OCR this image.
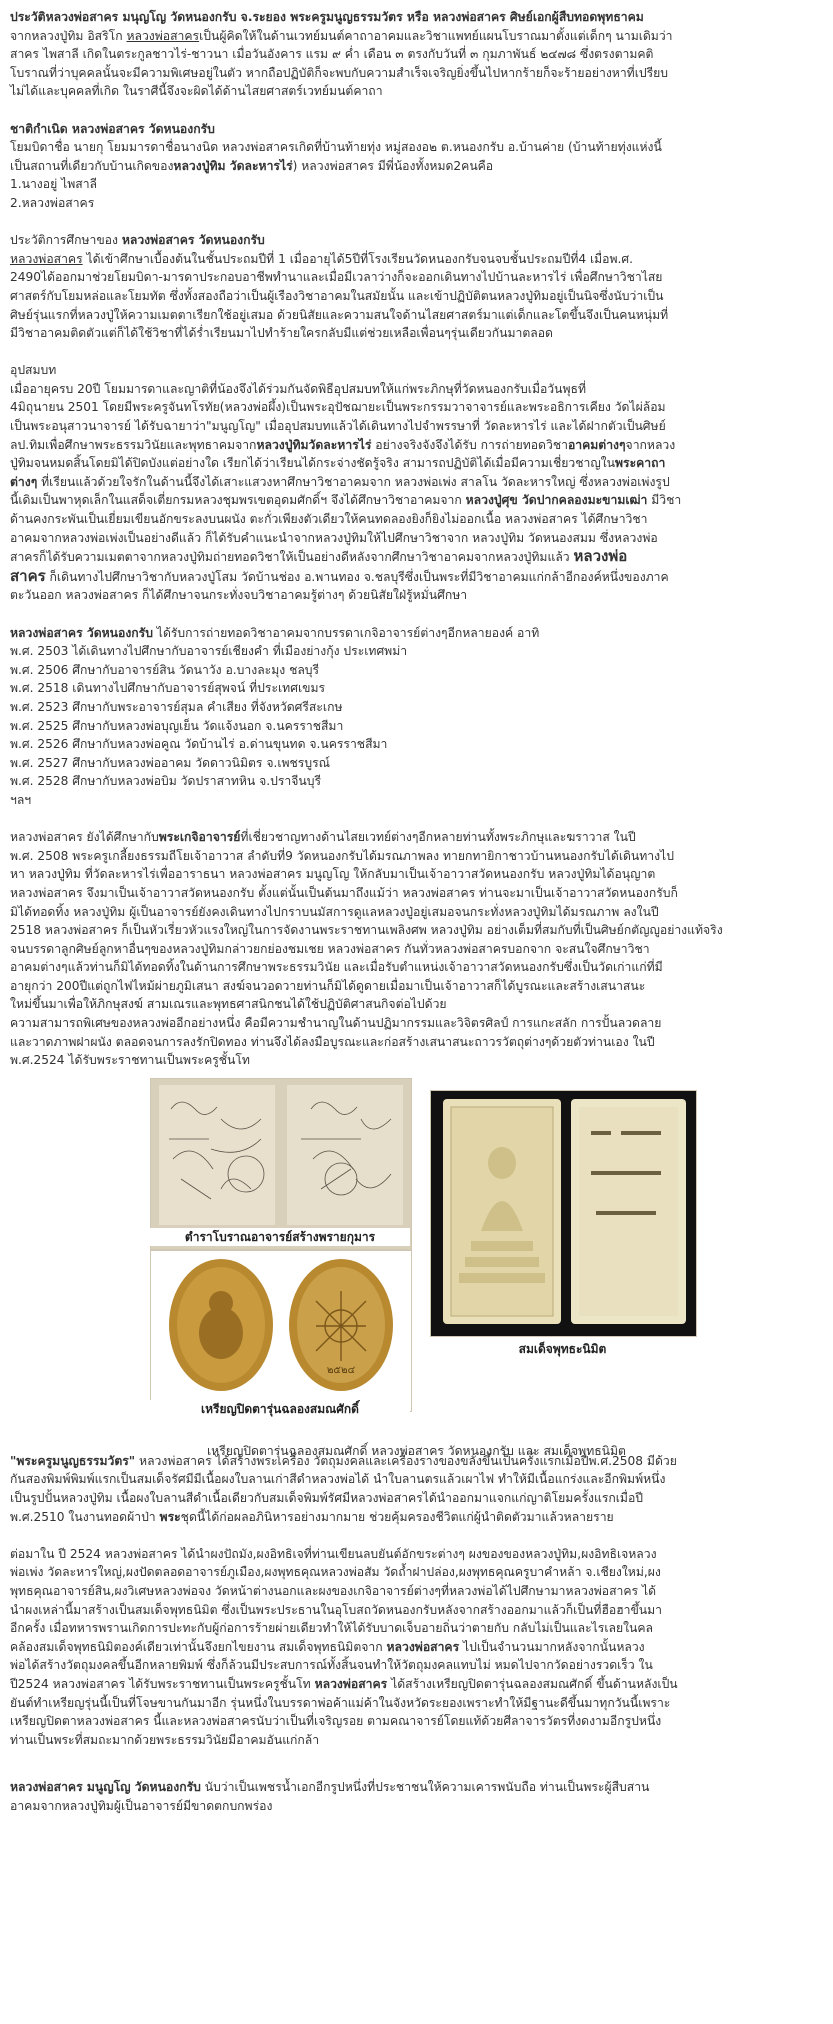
ประวัติหลวงพ่อสาคร มนุญโญ วัดหนองกรับ จ.ระยอง พระครูมนูญธรรมวัตร หรือ หลวงพ่อสาคร ศิษย์เอกผู้สืบทอดพุทธาคม
จากหลวงปู่ทิม อิสริโก หลวงพ่อสาครเป็นผู้คิดให้ในด้านเวทย์มนต์คาถาอาคมและวิชาแพทย์แผนโบราณมาตั้งแต่เด็กๆ นามเดิมว่า
สาคร ไพสาลี เกิดในตระกูลชาวไร่-ชาวนา เมื่อวันอังคาร แรม ๙ ค่ำ เดือน ๓ ตรงกับวันที่ ๓ กุมภาพันธ์ ๒๔๗๘ ซึ่งตรงตามคติ
โบราณที่ว่าบุคคลนั้นจะมีความพิเศษอยู่ในตัว หากถือปฏิบัติก็จะพบกับความสำเร็จเจริญยิ่งขึ้นไปหากร้ายก็จะร้ายอย่างหาที่เปรียบ
ไม่ได้และบุคคลที่เกิด ในราศีนี้จึงจะผิดได้ด้านไสยศาสตร์เวทย์มนต์คาถา

ชาติกำเนิด หลวงพ่อสาคร วัดหนองกรับ
โยมบิดาชื่อ นายกุ โยมมารดาชื่อนางนิด หลวงพ่อสาครเกิดที่บ้านท้ายทุ่ง หมู่สองอ๒ ต.หนองกรับ อ.บ้านค่าย (บ้านท้ายทุ่งแห่งนี้
เป็นสถานที่เดียวกับบ้านเกิดของหลวงปู่ทิม วัดละหารไร่) หลวงพ่อสาคร มีพี่น้องทั้งหมด2คนคือ
1.นางอยู่ ไพสาลี
2.หลวงพ่อสาคร

ประวัติการศึกษาของ หลวงพ่อสาคร วัดหนองกรับ
หลวงพ่อสาคร ได้เข้าศึกษาเบื้องต้นในชั้นประถมปีที่ 1 เมื่ออายุได้5ปีที่โรงเรียนวัดหนองกรับจนจบชั้นประถมปีที่4 เมื่อพ.ศ.
2490ได้ออกมาช่วยโยมบิดา-มารดาประกอบอาชีพทำนาและเมื่อมีเวลาว่างก็จะออกเดินทางไปบ้านละหารไร่ เพื่อศึกษาวิชาไสย
ศาสตร์กับโยมหล่อและโยมทัต ซึ่งทั้งสองถือว่าเป็นผู้เรืองวิชาอาคมในสมัยนั้น และเข้าปฏิบัติตนหลวงปู่ทิมอยู่เป็นนิจซึ่งนับว่าเป็น
ศิษย์รุ่นแรกที่หลวงปู่ให้ความเมตตาเรียกใช้อยู่เสมอ ด้วยนิสัยและความสนใจด้านไสยศาสตร์มาแต่เด็กและโตขึ้นจึงเป็นคนหนุ่มที่
มีวิชาอาคมติดตัวแต่ก็ได้ใช้วิชาที่ได้ร่ำเรียนมาไปทำร้ายใครกลับมีแต่ช่วยเหลือเพื่อนๆรุ่นเดียวกันมาตลอด

อุปสมบท
เมื่ออายุครบ 20ปี โยมมารดาและญาติที่น้องจึงได้ร่วมกันจัดพิธีอุปสมบทให้แก่พระภิกษุที่วัดหนองกรับเมื่อวันพุธที่
4มิถุนายน 2501 โดยมีพระครูจันทโรทัย(หลวงพ่อผึ้ง)เป็นพระอุปัชฌายะเป็นพระกรรมวาจาจารย์และพระอธิการเคียง วัดไผ่ล้อม
เป็นพระอนุสาวนาจารย์ ได้รับฉายาว่า"มนูญโญ" เมื่ออุปสมบทแล้วได้เดินทางไปจำพรรษาที่ วัดละหารไร่ และได้ฝากตัวเป็นศิษย์
ลป.ทิมเพื่อศึกษาพระธรรมวินัยและพุทธาคมจากหลวงปู่ทิมวัดละหารไร่ อย่างจริงจังจึงได้รับ การถ่ายทอดวิชาอาคมต่างๆจากหลวง
ปู่ทิมจนหมดสิ้นโดยมิได้ปิดบังแต่อย่างใด เรียกได้ว่าเรียนได้กระจ่างชัดรู้จริง สามารถปฏิบัติได้เมื่อมีความเชี่ยวชาญในพระคาถา
ต่างๆ ที่เรียนแล้วด้วยใจรักในด้านนี้จึงได้เสาะแสวงหาศึกษาวิชาอาคมจาก หลวงพ่อเพ่ง สาลโน วัดละหารใหญ่ ซึ่งหลวงพ่อเพ่งรูป
นี้เดิมเป็นพาหุดเล็กในแสด็จเตี่ยกรมหลวงชุมพรเขตอุดมศักดิ์ฯ จึงได้ศึกษาวิชาอาคมจาก หลวงปู่ศุข วัดปากคลองมะขามเฒ่า มีวิชา
ด้านคงกระพันเป็นเยี่ยมเขียนอักขระลงบนผนัง ตะกั่วเพียงตัวเดียวให้คนทดลองยิงก็ยิงไม่ออกเนื้อ หลวงพ่อสาคร ได้ศึกษาวิชา
อาคมจากหลวงพ่อเพ่งเป็นอย่างดีแล้ว ก็ได้รับคำแนะนำจากหลวงปู่ทิมให้ไปศึกษาวิชาจาก หลวงปู่ทิม วัดหนองสมม ซึ่งหลวงพ่อ
สาครก็ได้รับความเมตตาจากหลวงปู่ทิมถ่ายทอดวิชาให้เป็นอย่างดีหลังจากศึกษาวิชาอาคมจากหลวงปู่ทิมแล้ว หลวงพ่อ
สาคร ก็เดินทางไปศึกษาวิชากับหลวงปู่โสม วัดบ้านช่อง อ.พานทอง จ.ชลบุรีซึ่งเป็นพระที่มีวิชาอาคมแก่กล้าอีกองค์หนึ่งของภาค
ตะวันออก หลวงพ่อสาคร ก็ได้ศึกษาจนกระทั่งจบวิชาอาคมรู้ต่างๆ ด้วยนิสัยใฝ่รู้หมั่นศึกษา

หลวงพ่อสาคร วัดหนองกรับ ได้รับการถ่ายทอดวิชาอาคมจากบรรดาเกจิอาจารย์ต่างๆอีกหลายองค์ อาทิ

พ.ศ. 2503 ได้เดินทางไปศึกษากับอาจารย์เชียงคำ ที่เมืองย่างกุ้ง ประเทศพม่า
พ.ศ. 2506 ศึกษากับอาจารย์สิน วัดนาวัง อ.บางละมุง ชลบุรี
พ.ศ. 2518 เดินทางไปศึกษากับอาจารย์สุพจน์ ที่ประเทศเขมร
พ.ศ. 2523 ศึกษากับพระอาจารย์สุมล คำเสียง ที่จังหวัดศรีสะเกษ
พ.ศ. 2525 ศึกษากับหลวงพ่อบุญเย็น วัดแจ้งนอก จ.นครราชสีมา
พ.ศ. 2526 ศึกษากับหลวงพ่อคูณ วัดบ้านไร่ อ.ด่านขุนทด จ.นครราชสีมา
พ.ศ. 2527 ศึกษากับหลวงพ่ออาคม วัดดาวนิมิตร จ.เพชรบูรณ์
พ.ศ. 2528 ศึกษากับหลวงพ่อบิม วัดปราสาทหิน จ.ปราจีนบุรี
ฯลฯ

หลวงพ่อสาคร ยังได้ศึกษากับพระเกจิอาจารย์ที่เชี่ยวชาญทางด้านไสยเวทย์ต่างๆอีกหลายท่านทั้งพระภิกษุและฆราวาส ในปี
พ.ศ. 2508 พระครูเกลี้ยงธรรมถีโยเจ้าอาวาส ลำดับที่9 วัดหนองกรับได้มรณภาพลง ทายกทายิกาชาวบ้านหนองกรับได้เดินทางไป
หา หลวงปู่ทิม ที่วัดละหารไร่เพื่ออาราธนา หลวงพ่อสาคร มนูญโญ ให้กลับมาเป็นเจ้าอาวาสวัดหนองกรับ หลวงปู่ทิมได้อนุญาต
หลวงพ่อสาคร จึงมาเป็นเจ้าอาวาสวัดหนองกรับ ตั้งแต่นั้นเป็นต้นมาถึงแม้ว่า หลวงพ่อสาคร ท่านจะมาเป็นเจ้าอาวาสวัดหนองกรับก็
มิได้ทอดทิ้ง หลวงปู่ทิม ผู้เป็นอาจารย์ยังคงเดินทางไปกราบนมัสการดูแลหลวงปู่อยู่เสมอจนกระทั่งหลวงปู่ทิมได้มรณภาพ ลงในปี
2518 หลวงพ่อสาคร ก็เป็นหัวเรี่ยวหัวแรงใหญ่ในการจัดงานพระราชทานเพลิงศพ หลวงปู่ทิม อย่างเต็มที่สมกับที่เป็นศิษย์กตัญญูอย่างแท้จริง
จนบรรดาลูกศิษย์ลูกหาอื่นๆของหลวงปู่ทิมกล่าวยกย่องชมเชย หลวงพ่อสาคร กันทั่วหลวงพ่อสาครบอกจาก จะสนใจศึกษาวิชา
อาคมต่างๆแล้วท่านก็มิได้ทอดทิ้งในด้านการศึกษาพระธรรมวินัย และเมื่อรับตำแหน่งเจ้าอาวาสวัดหนองกรับซึ่งเป็นวัดเก่าแก่ที่มี
อายุกว่า 200ปีแต่ถูกไฟไหม้ผ่ายภูมิเสนา สงฆ์จนวอดวายท่านก็มิได้ดูดายเมื่อมาเป็นเจ้าอาวาสก็ได้บูรณะและสร้างเสนาสนะ
ใหม่ขึ้นมาเพื่อให้ภิกษุสงฆ์ สามเณรและพุทธศาสนิกชนได้ใช้ปฏิบัติศาสนกิจต่อไปด้วย
ความสามารถพิเศษของหลวงพ่ออีกอย่างหนึ่ง คือมีความชำนาญในด้านปฏิมากรรมและวิจิตรศิลป์ การแกะสลัก การปั้นลวดลาย
และวาดภาพฝาผนัง ตลอดจนการลงรักปิดทอง ท่านจึงได้ลงมือบูรณะและก่อสร้างเสนาสนะถาวรวัตถุต่างๆด้วยตัวท่านเอง ในปี
พ.ศ.2524 ได้รับพระราชทานเป็นพระครูชั้นโท

ตำราโบราณอาจารย์สร้างพรายกุมาร
๒๕๒๔
เหรียญปิดตารุ่นฉลองสมณศักดิ์
สมเด็จพุทธะนิมิต
เหรียญปิดตารุ่นฉลองสมณศักดิ์ หลวงพ่อสาคร วัดหนองกรับ และ สมเด็จพุทธนิมิต

"พระครูมนูญธรรมวัตร" หลวงพ่อสาคร ได้สร้างพระเครื่อง วัตถุมงคลและเครื่องรางของขลังขึ้นเป็นครั้งแรกเมื่อปีพ.ศ.2508 มีด้วย
กันสองพิมพ์พิมพ์แรกเป็นสมเด็จรัศมีมีเนื้อผงใบลานเก่าสีดำหลวงพ่อได้ นำใบลานตรแล้วเผาไฟ ทำให้มีเนื้อแกร่งและอีกพิมพ์หนึ่ง
เป็นรูปปั้นหลวงปู่ทิม เนื้อผงใบลานสีดำเนื้อเดียวกับสมเด็จพิมพ์รัศมีหลวงพ่อสาครได้นำออกมาแจกแก่ญาติโยมครั้งแรกเมื่อปี
พ.ศ.2510 ในงานทอดผ้าป่า พระชุดนี้ได้ก่อผลอภินิหารอย่างมากมาย ช่วยคุ้มครองชีวิตแก่ผู้นำติดตัวมาแล้วหลายราย

ต่อมาใน ปี 2524 หลวงพ่อสาคร ได้นำผงปัถมัง,ผงอิทธิเจที่ท่านเขียนลบยันต์อักขระต่างๆ ผงของของหลวงปู่ทิม,ผงอิทธิเจหลวง
พ่อเพ่ง วัดละหารใหญ่,ผงปัดตลอดอาจารย์ภูเมือง,ผงพุทธคุณหลวงพ่อสัม วัดถ้ำฝาปล่อง,ผงพุทธคุณครูบาคำหล้า จ.เชียงใหม่,ผง
พุทธคุณอาจารย์สิน,ผงวิเศษหลวงพ่อจง วัดหน้าต่างนอกและผงของเกจิอาจารย์ต่างๆที่หลวงพ่อได้ไปศึกษามาหลวงพ่อสาคร ได้
นำผงเหล่านี้มาสร้างเป็นสมเด็จพุทธนิมิต ซึ่งเป็นพระประธานในอุโบสถวัดหนองกรับหลังจากสร้างออกมาแล้วก็เป็นที่ฮือฮาขึ้นมา
อีกครั้ง เมื่อทหารพรานเกิดการปะทะกับผู้ก่อการร้ายผ่ายเดียวทำให้ได้รับบาดเจ็บอายถิ่นว่าตายกับ กลับไม่เป็นและไรเลยในคล
คล้องสมเด็จพุทธนิมิตองค์เดียวเท่านั้นจึงยกไขยงาน สมเด็จพุทธนิมิตจาก หลวงพ่อสาคร ไปเป็นจำนวนมากหลังจากนั้นหลวง
พ่อได้สร้างวัตถุมงคลขึ้นอีกหลายพิมพ์ ซึ่งก็ล้วนมีประสบการณ์ทั้งสิ้นจนทำให้วัตถุมงคลแทบไม่ หมดไปจากวัดอย่างรวดเร็ว ใน
ปี2524 หลวงพ่อสาคร ได้รับพระราชทานเป็นพระครูชั้นโท หลวงพ่อสาคร ได้สร้างเหรียญปิดตารุ่นฉลองสมณศักดิ์ ขึ้นด้านหลังเป็น
ยันต์ทำเหรียญรุ่นนี้เป็นที่โจษขานกันมาอีก รุ่นหนึ่งในบรรดาพ่อค้าแม่ค้าในจังหวัดระยองเพราะทำให้มีฐานะดีขึ้นมาทุกวันนี้เพราะ
เหรียญปิดตาหลวงพ่อสาคร นี้และหลวงพ่อสาครนับว่าเป็นที่เจริญรอย ตามคณาจารย์โดยแท้ด้วยศีลาจารวัตรที่งดงามอีกรูปหนึ่ง
ท่านเป็นพระที่สมถะมากด้วยพระธรรมวินัยมีอาคมอันแก่กล้า

หลวงพ่อสาคร มนูญโญ วัดหนองกรับ นับว่าเป็นเพชรน้ำเอกอีกรูปหนึ่งที่ประชาชนให้ความเคารพนับถือ ท่านเป็นพระผู้สืบสาน
อาคมจากหลวงปู่ทิมผู้เป็นอาจารย์มีขาดตกบกพร่อง
